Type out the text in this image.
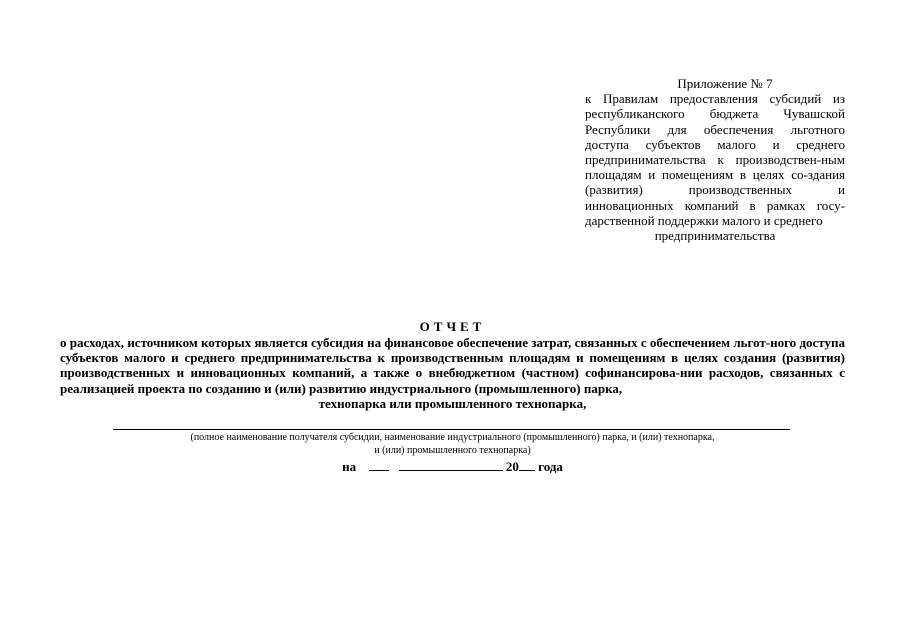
Приложение № 7
к Правилам предоставления субсидий из республиканского бюджета Чувашской Республики для обеспечения льготного доступа субъектов малого и среднего предпринимательства к производствен-ным площадям и помещениям в целях со-здания (развития) производственных и инновационных компаний в рамках госу-дарственной поддержки малого и среднего
предпринимательства
ОТЧЕТ
о расходах, источником которых является субсидия на финансовое обеспечение затрат, связанных с обеспечением льгот-ного доступа субъектов малого и среднего предпринимательства к производственным площадям и помещениям в целях создания (развития) производственных и инновационных компаний, а также о внебюджетном (частном) софинансирова-нии расходов, связанных с реализацией проекта по созданию и (или) развитию индустриального (промышленного) парка,
технопарка или промышленного технопарка,
(полное наименование получателя субсидии, наименование индустриального (промышленного) парка, и (или) технопарка,
и (или) промышленного технопарка)
на	20 года
